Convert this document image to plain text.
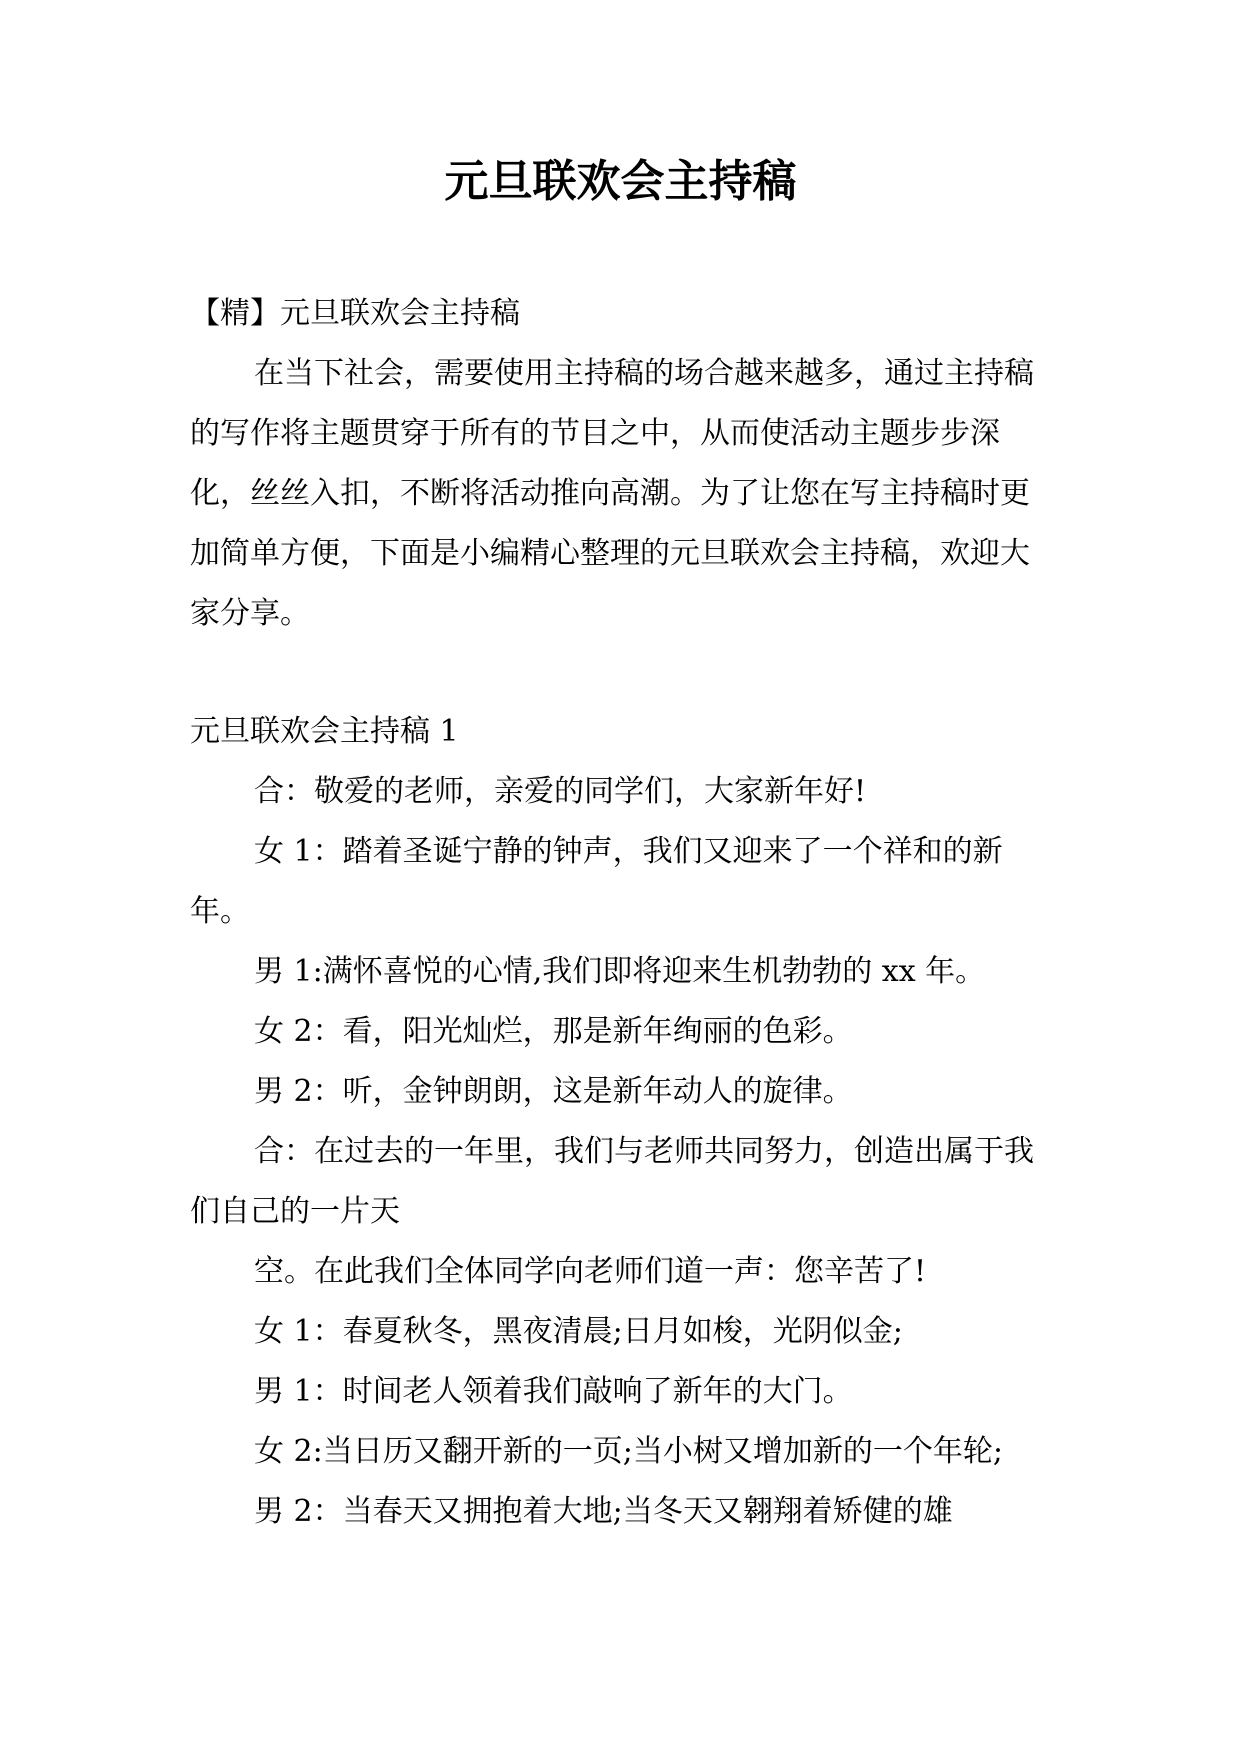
元旦联欢会主持稿

【精】元旦联欢会主持稿

在当下社会，需要使用主持稿的场合越来越多，通过主持稿的写作将主题贯穿于所有的节目之中，从而使活动主题步步深化，丝丝入扣，不断将活动推向高潮。为了让您在写主持稿时更加简单方便，下面是小编精心整理的元旦联欢会主持稿，欢迎大家分享。

元旦联欢会主持稿 1

合：敬爱的老师，亲爱的同学们，大家新年好!

女 1：踏着圣诞宁静的钟声，我们又迎来了一个祥和的新年。

男 1:满怀喜悦的心情,我们即将迎来生机勃勃的 xx 年。

女 2：看，阳光灿烂，那是新年绚丽的色彩。

男 2：听，金钟朗朗，这是新年动人的旋律。

合：在过去的一年里，我们与老师共同努力，创造出属于我们自己的一片天

空。在此我们全体同学向老师们道一声：您辛苦了!

女 1：春夏秋冬，黑夜清晨;日月如梭，光阴似金;

男 1：时间老人领着我们敲响了新年的大门。

女 2:当日历又翻开新的一页;当小树又增加新的一个年轮;

男 2：当春天又拥抱着大地;当冬天又翱翔着矫健的雄
